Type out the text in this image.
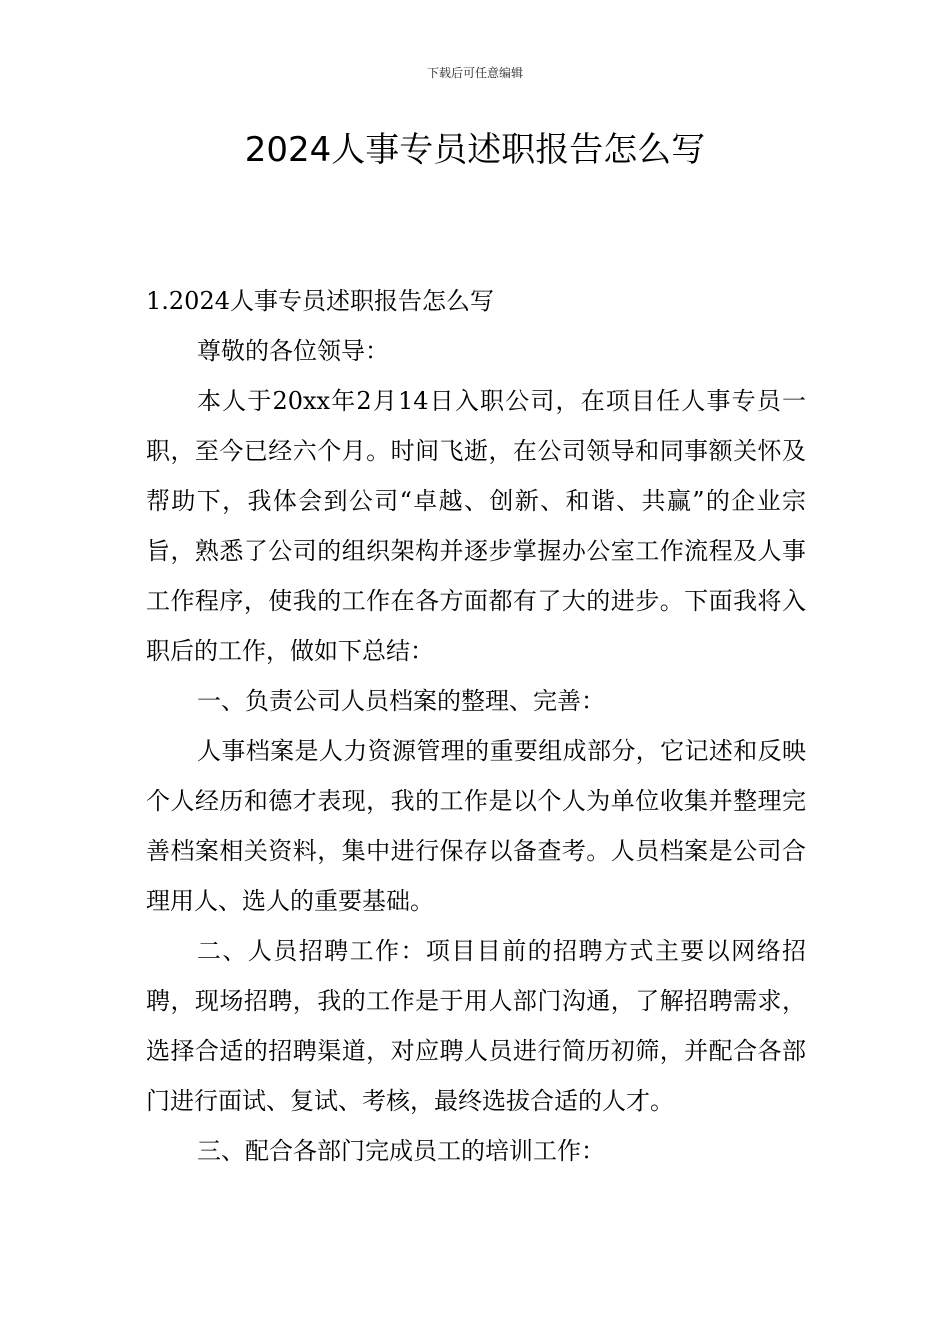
下载后可任意编辑
2024人事专员述职报告怎么写

1.2024人事专员述职报告怎么写

尊敬的各位领导：

本人于20xx年2月14日入职公司，在项目任人事专员一职，至今已经六个月。时间飞逝，在公司领导和同事额关怀及帮助下，我体会到公司“卓越、创新、和谐、共赢”的企业宗旨，熟悉了公司的组织架构并逐步掌握办公室工作流程及人事工作程序，使我的工作在各方面都有了大的进步。下面我将入职后的工作，做如下总结：

一、负责公司人员档案的整理、完善：

人事档案是人力资源管理的重要组成部分，它记述和反映个人经历和德才表现，我的工作是以个人为单位收集并整理完善档案相关资料，集中进行保存以备查考。人员档案是公司合理用人、选人的重要基础。

二、人员招聘工作：项目目前的招聘方式主要以网络招聘，现场招聘，我的工作是于用人部门沟通，了解招聘需求，选择合适的招聘渠道，对应聘人员进行简历初筛，并配合各部门进行面试、复试、考核，最终选拔合适的人才。

三、配合各部门完成员工的培训工作：
